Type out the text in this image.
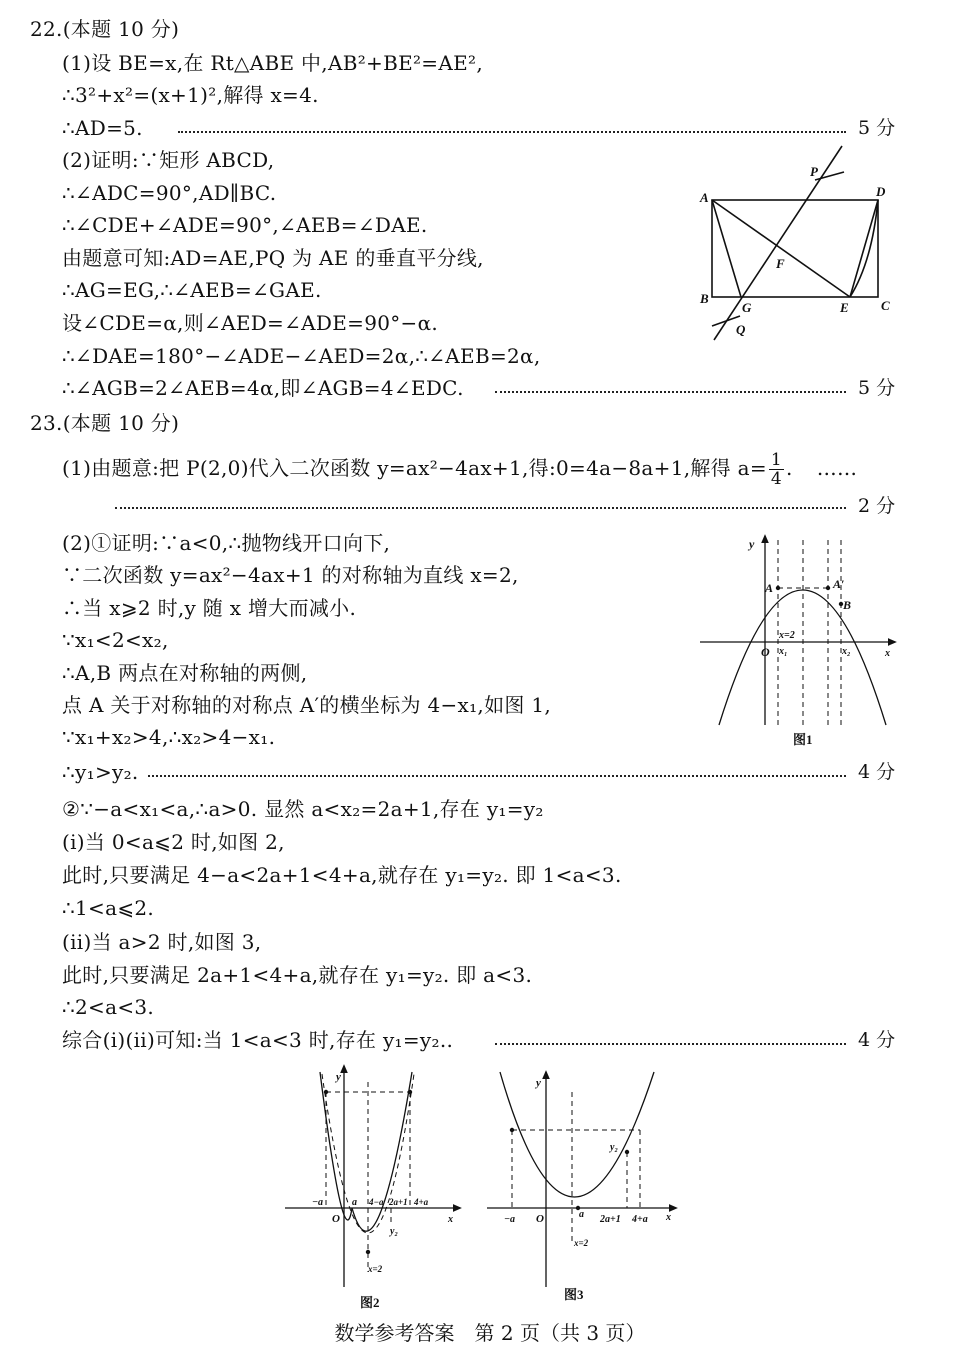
22.(本题 10 分)
(1)设 BE=x,在 Rt△ABE 中,AB²+BE²=AE²,
∴3²+x²=(x+1)²,解得 x=4.
∴AD=5.	5 分
(2)证明:∵矩形 ABCD,
∴∠ADC=90°,AD∥BC.
∴∠CDE+∠ADE=90°,∠AEB=∠DAE.
由题意可知:AD=AE,PQ 为 AE 的垂直平分线,
∴AG=EG,∴∠AEB=∠GAE.
设∠CDE=α,则∠AED=∠ADE=90°−α.
∴∠DAE=180°−∠ADE−∠AED=2α,∴∠AEB=2α,
∴∠AGB=2∠AEB=4α,即∠AGB=4∠EDC.	5 分
P
A	D
F
B
G	E C
Q
23.(本题 10 分)
(1)由题意:把 P(2,0)代入二次函数 y=ax²−4ax+1,得:0=4a−8a+1,解得 $a= \frac{1}{4}$ . ……
2 分
(2)①证明:∵a<0,∴抛物线开口向下,
∵二次函数 y=ax²−4ax+1 的对称轴为直线 x=2,
∴当 x⩾2 时,y 随 x 增大而减小.
∵x₁<2<x₂,
∴A,B 两点在对称轴的两侧,
点 A 关于对称轴的对称点 A′的横坐标为 4−x₁,如图 1,
∵x₁+x₂>4,∴x₂>4−x₁.
∴y₁>y₂.	4 分
②∵−a<x₁<a,∴a>0. 显然 a<x₂=2a+1,存在 y₁=y₂
(i)当 0<a⩽2 时,如图 2,
此时,只要满足 4−a<2a+1<4+a,就存在 y₁=y₂. 即 1<a<3.
∴1<a⩽2.
(ii)当 a>2 时,如图 3,
此时,只要满足 2a+1<4+a,就存在 y₁=y₂. 即 a<3.
∴2<a<3.
综合(i)(ii)可知:当 1<a<3 时,存在 y₁=y₂..	4 分
y
A	A′
B
x=2
O x₁	x₂	x
图1
y
−a
O
a 4−a 2a+1 4+a
x
y₂
x=2
图2
y
−a O	a 2a+1 4+a x
y₂
x=2
图3
数学参考答案　第 2 页（共 3 页）
